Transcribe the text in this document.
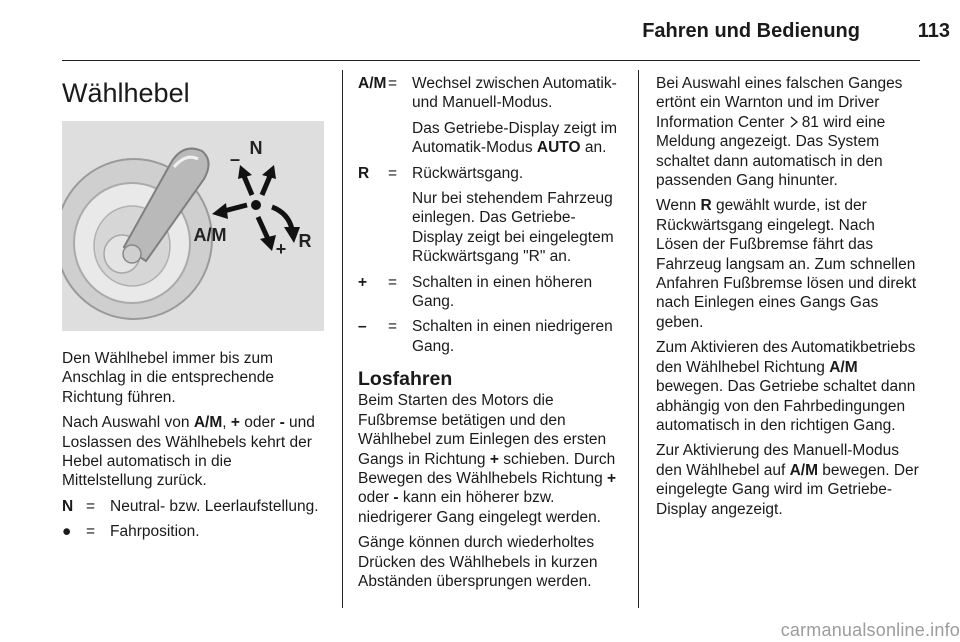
Fahren und Bedienung	113
Wählhebel
N
–
A/M
+ R

Den Wählhebel immer bis zum Anschlag in die entsprechende Richtung führen.

Nach Auswahl von A/M, + oder - und Loslassen des Wählhebels kehrt der Hebel automatisch in die Mittelstellung zurück.

N = Neutral- bzw. Leerlaufstellung.
● = Fahrposition.
A/M = Wechsel zwischen Automatik- und Manuell-Modus.

Das Getriebe-Display zeigt im Automatik-Modus AUTO an.

R	= Rückwärtsgang.

Nur bei stehendem Fahrzeug einlegen. Das Getriebe-Display zeigt bei eingelegtem Rückwärtsgang "R" an.

+	= Schalten in einen höheren Gang.
–	= Schalten in einen niedrigeren Gang.
Losfahren

Beim Starten des Motors die Fußbremse betätigen und den Wählhebel zum Einlegen des ersten Gangs in Richtung + schieben. Durch Bewegen des Wählhebels Richtung + oder - kann ein höherer bzw. niedrigerer Gang eingelegt werden.

Gänge können durch wiederholtes Drücken des Wählhebels in kurzen Abständen übersprungen werden.

Bei Auswahl eines falschen Ganges ertönt ein Warnton und im Driver Information Center 81 wird eine Meldung angezeigt. Das System schaltet dann automatisch in den passenden Gang hinunter.

Wenn R gewählt wurde, ist der Rückwärtsgang eingelegt. Nach Lösen der Fußbremse fährt das Fahrzeug langsam an. Zum schnellen Anfahren Fußbremse lösen und direkt nach Einlegen eines Gangs Gas geben.

Zum Aktivieren des Automatikbetriebs den Wählhebel Richtung A/M bewegen. Das Getriebe schaltet dann abhängig von den Fahrbedingungen automatisch in den richtigen Gang.

Zur Aktivierung des Manuell-Modus den Wählhebel auf A/M bewegen. Der eingelegte Gang wird im Getriebe-Display angezeigt.

carmanualsonline.info
